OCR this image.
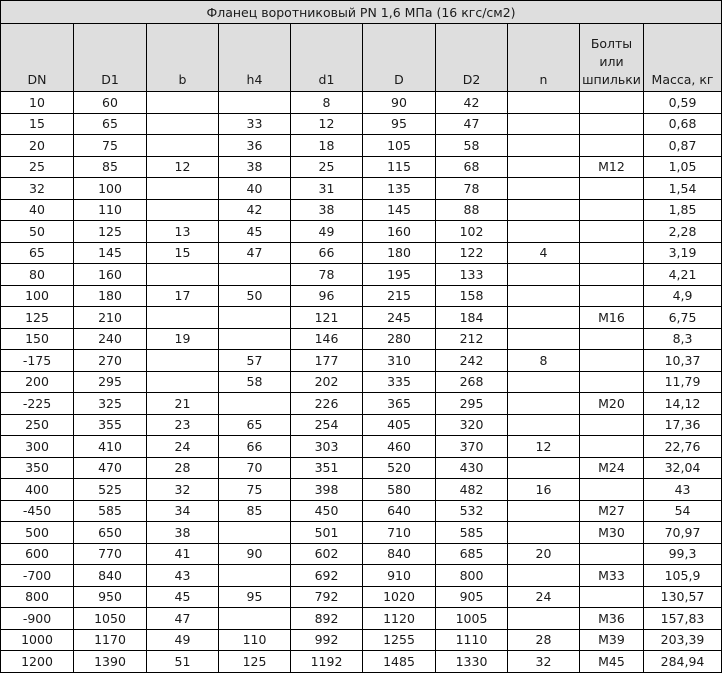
Фланец воротниковый PN 1,6 МПа (16 кгс/см2)									
DN	D1	b	h4	d1	D	D2	n	Болты или шпильки	Масса, кг
10	60			8	90	42			0,59
15	65		33	12	95	47			0,68
20	75		36	18	105	58			0,87
25	85	12	38	25	115	68		М12	1,05
32	100		40	31	135	78			1,54
40	110		42	38	145	88			1,85
50	125	13	45	49	160	102			2,28
65	145	15	47	66	180	122	4		3,19
80	160			78	195	133			4,21
100	180	17	50	96	215	158			4,9
125	210			121	245	184		М16	6,75
150	240	19		146	280	212			8,3
-175	270		57	177	310	242	8		10,37
200	295		58	202	335	268			11,79
-225	325	21		226	365	295		М20	14,12
250	355	23	65	254	405	320			17,36
300	410	24	66	303	460	370	12		22,76
350	470	28	70	351	520	430		М24	32,04
400	525	32	75	398	580	482	16		43
-450	585	34	85	450	640	532		М27	54
500	650	38		501	710	585		М30	70,97
600	770	41	90	602	840	685	20		99,3
-700	840	43		692	910	800		М33	105,9
800	950	45	95	792	1020	905	24		130,57
-900	1050	47		892	1120	1005		М36	157,83
1000	1170	49	110	992	1255	1110	28	М39	203,39
1200	1390	51	125	1192	1485	1330	32	М45	284,94
